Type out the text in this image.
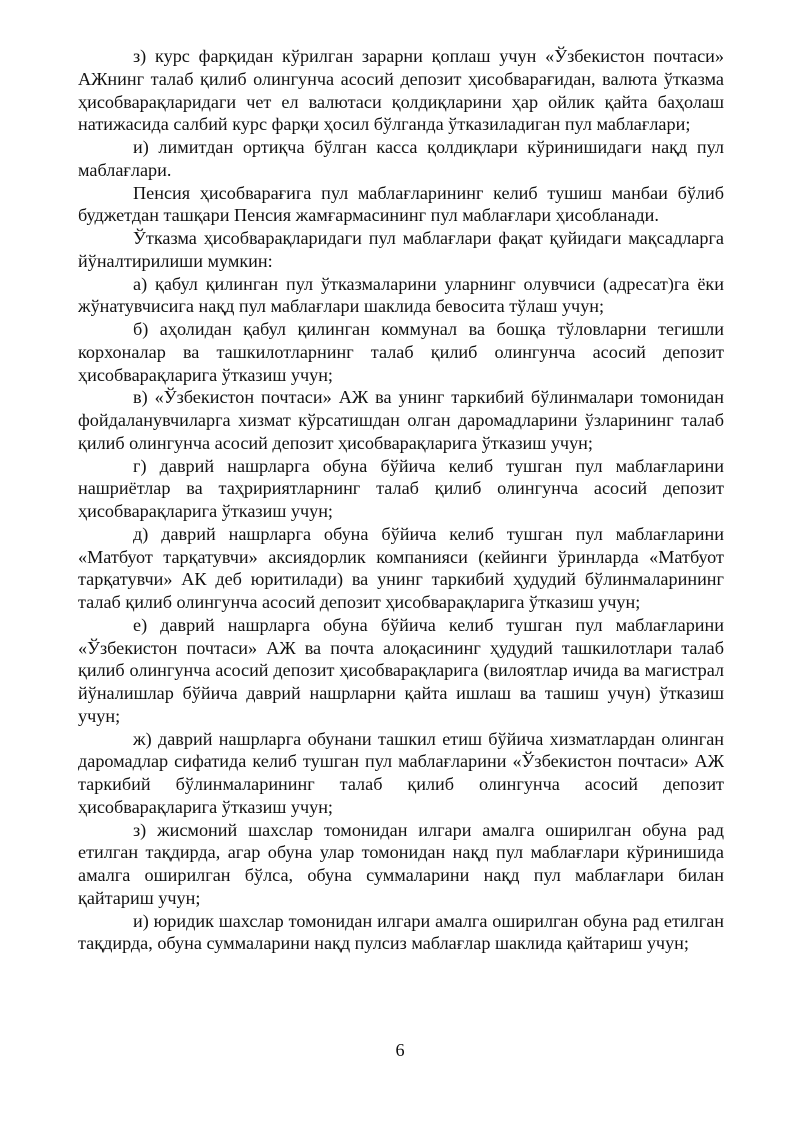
з) курс фарқидан кўрилган зарарни қоплаш учун «Ўзбекистон почтаси» АЖнинг талаб қилиб олингунча асосий депозит ҳисобварағидан, валюта ўтказма ҳисобварақларидаги чет ел валютаси қолдиқларини ҳар ойлик қайта баҳолаш натижасида салбий курс фарқи ҳосил бўлганда ўтказиладиган пул маблағлари;

и) лимитдан ортиқча бўлган касса қолдиқлари кўринишидаги нақд пул маблағлари.

Пенсия ҳисобварағига пул маблағларининг келиб тушиш манбаи бўлиб буджетдан ташқари Пенсия жамғармасининг пул маблағлари ҳисобланади.

Ўтказма ҳисобварақларидаги пул маблағлари фақат қуйидаги мақсадларга йўналтирилиши мумкин:

а) қабул қилинган пул ўтказмаларини уларнинг олувчиси (адресат)га ёки жўнатувчисига нақд пул маблағлари шаклида бевосита тўлаш учун;

б) аҳолидан қабул қилинган коммунал ва бошқа тўловларни тегишли корхоналар ва ташкилотларнинг талаб қилиб олингунча асосий депозит ҳисобварақларига ўтказиш учун;

в) «Ўзбекистон почтаси» АЖ ва унинг таркибий бўлинмалари томонидан фойдаланувчиларга хизмат кўрсатишдан олган даромадларини ўзларининг талаб қилиб олингунча асосий депозит ҳисобварақларига ўтказиш учун;

г) даврий нашрларга обуна бўйича келиб тушган пул маблағларини нашриётлар ва таҳририятларнинг талаб қилиб олингунча асосий депозит ҳисобварақларига ўтказиш учун;

д) даврий нашрларга обуна бўйича келиб тушган пул маблағларини «Матбуот тарқатувчи» аксиядорлик компанияси (кейинги ўринларда «Матбуот тарқатувчи» АК деб юритилади) ва унинг таркибий ҳудудий бўлинмаларининг талаб қилиб олингунча асосий депозит ҳисобварақларига ўтказиш учун;

е) даврий нашрларга обуна бўйича келиб тушган пул маблағларини «Ўзбекистон почтаси» АЖ ва почта алоқасининг ҳудудий ташкилотлари талаб қилиб олингунча асосий депозит ҳисобварақларига (вилоятлар ичида ва магистрал йўналишлар бўйича даврий нашрларни қайта ишлаш ва ташиш учун) ўтказиш учун;

ж) даврий нашрларга обунани ташкил етиш бўйича хизматлардан олинган даромадлар сифатида келиб тушган пул маблағларини «Ўзбекистон почтаси» АЖ таркибий бўлинмаларининг талаб қилиб олингунча асосий депозит ҳисобварақларига ўтказиш учун;

з) жисмоний шахслар томонидан илгари амалга оширилган обуна рад етилган тақдирда, агар обуна улар томонидан нақд пул маблағлари кўринишида амалга оширилган бўлса, обуна суммаларини нақд пул маблағлари билан қайтариш учун;

и) юридик шахслар томонидан илгари амалга оширилган обуна рад етилган тақдирда, обуна суммаларини нақд пулсиз маблағлар шаклида қайтариш учун;

6
